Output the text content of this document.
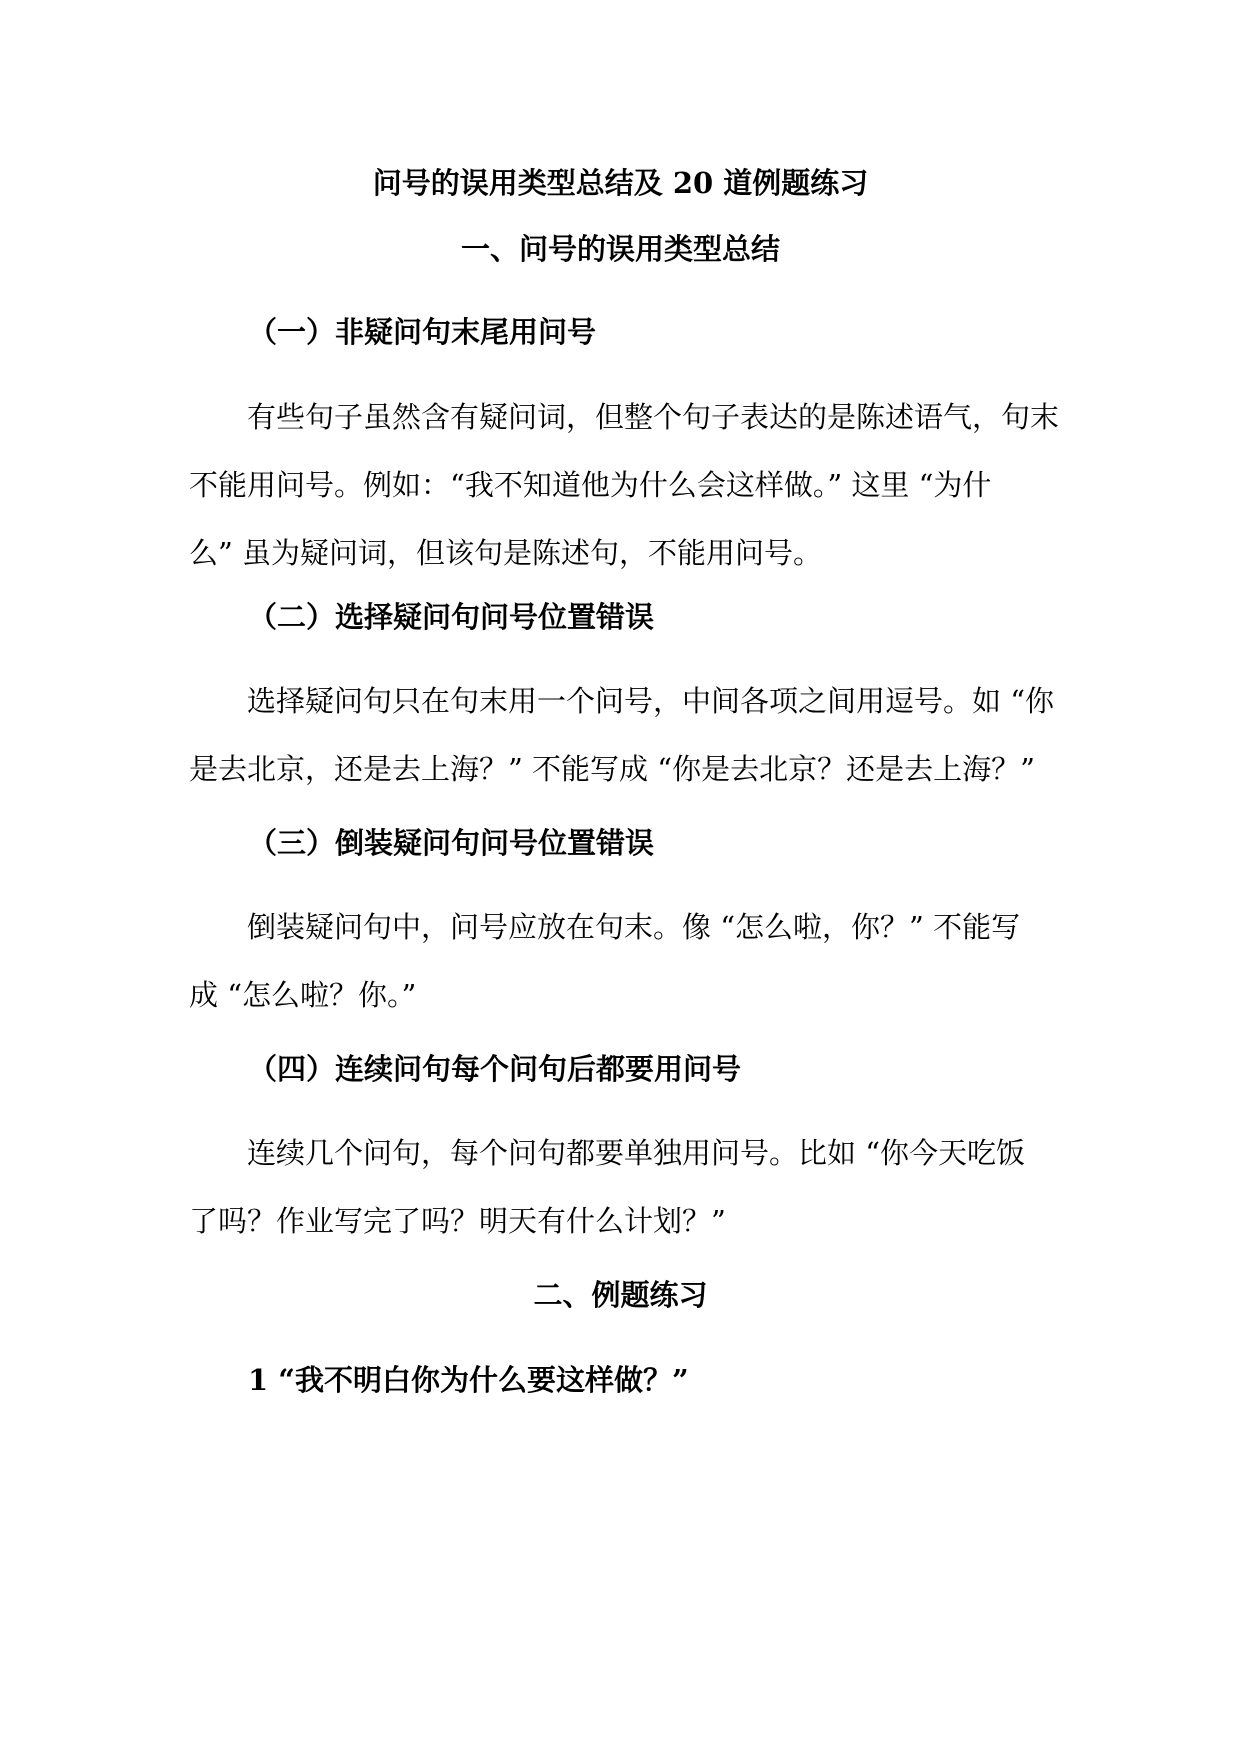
问号的误用类型总结及 20 道例题练习
一、问号的误用类型总结
（一）非疑问句末尾用问号
有些句子虽然含有疑问词，但整个句子表达的是陈述语气，句末
不能用问号。例如：“我不知道他为什么会这样做。” 这里 “为什
么” 虽为疑问词，但该句是陈述句，不能用问号。
（二）选择疑问句问号位置错误
选择疑问句只在句末用一个问号，中间各项之间用逗号。如 “你
是去北京，还是去上海？” 不能写成 “你是去北京？还是去上海？”
（三）倒装疑问句问号位置错误
倒装疑问句中，问号应放在句末。像 “怎么啦，你？” 不能写
成 “怎么啦？你。”
（四）连续问句每个问句后都要用问号
连续几个问句，每个问句都要单独用问号。比如 “你今天吃饭
了吗？作业写完了吗？明天有什么计划？”
二、例题练习
1 “我不明白你为什么要这样做？”
